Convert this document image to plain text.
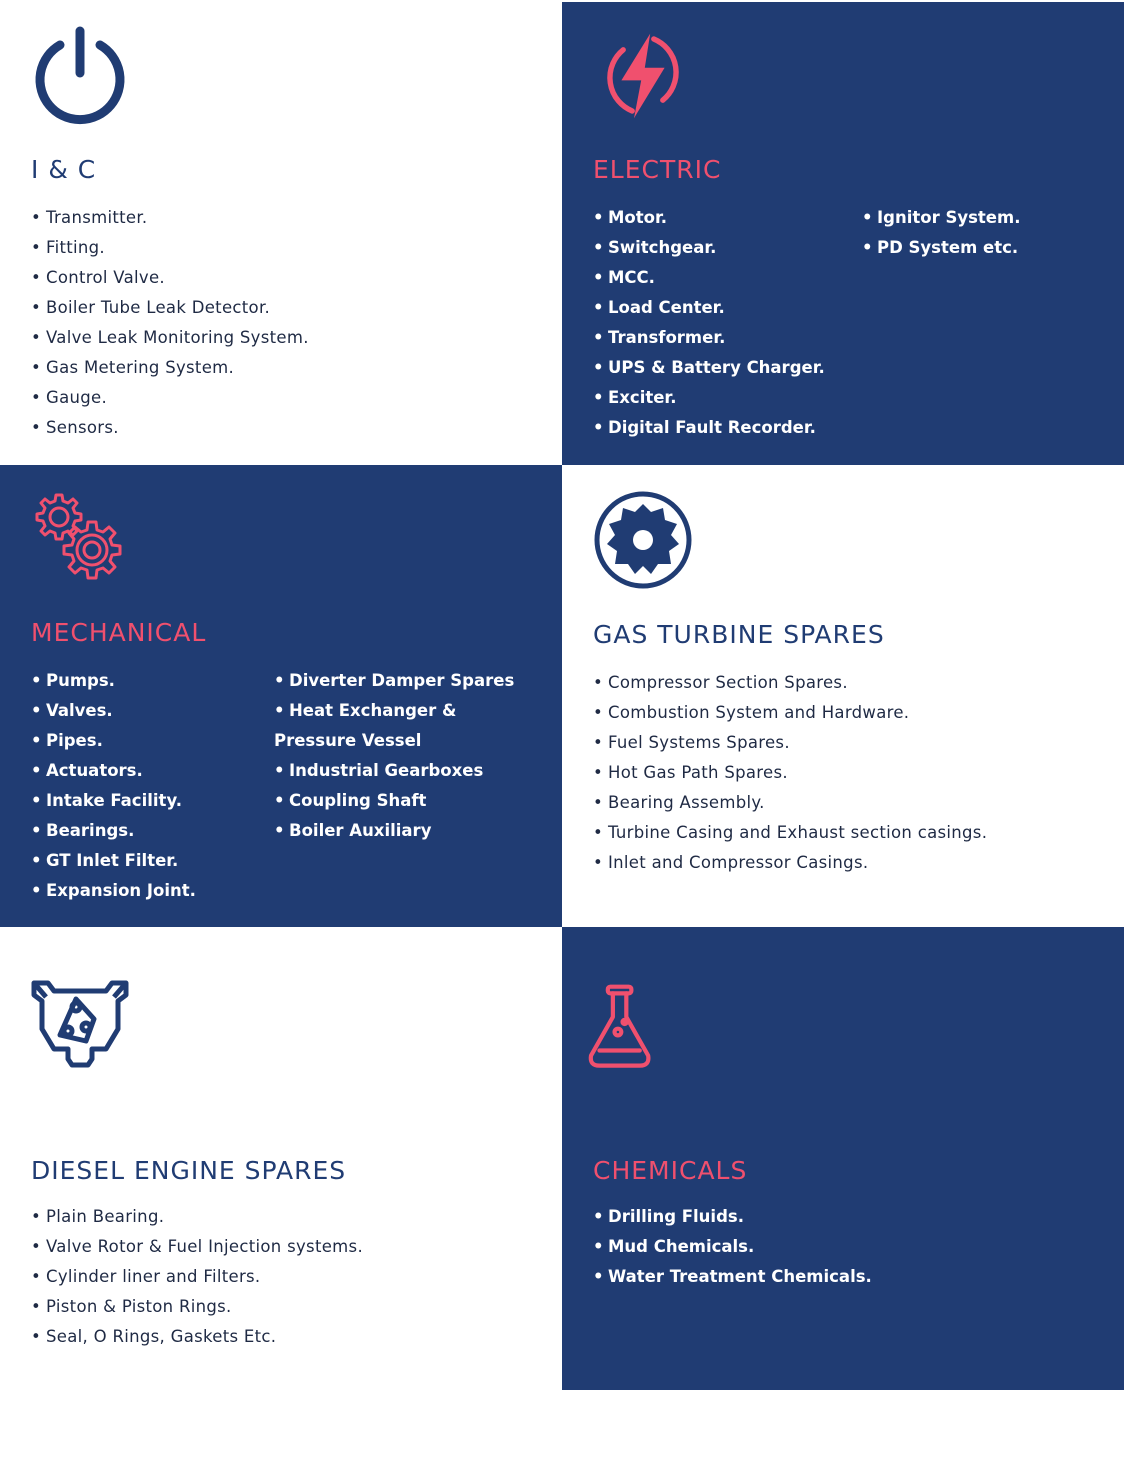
I & C
• Transmitter.
• Fitting.
• Control Valve.
• Boiler Tube Leak Detector.
• Valve Leak Monitoring System.
• Gas Metering System.
• Gauge.
• Sensors.
ELECTRIC
• Motor.
• Switchgear.
• MCC.
• Load Center.
• Transformer.
• UPS & Battery Charger.
• Exciter.
• Digital Fault Recorder.
• Ignitor System.
• PD System etc.
MECHANICAL
• Pumps.
• Valves.
• Pipes.
• Actuators.
• Intake Facility.
• Bearings.
• GT Inlet Filter.
• Expansion Joint.
• Diverter Damper Spares
• Heat Exchanger &
Pressure Vessel
• Industrial Gearboxes
• Coupling Shaft
• Boiler Auxiliary
GAS TURBINE SPARES
• Compressor Section Spares.
• Combustion System and Hardware.
• Fuel Systems Spares.
• Hot Gas Path Spares.
• Bearing Assembly.
• Turbine Casing and Exhaust section casings.
• Inlet and Compressor Casings.
DIESEL ENGINE SPARES
• Plain Bearing.
• Valve Rotor & Fuel Injection systems.
• Cylinder liner and Filters.
• Piston & Piston Rings.
• Seal, O Rings, Gaskets Etc.
CHEMICALS
• Drilling Fluids.
• Mud Chemicals.
• Water Treatment Chemicals.
